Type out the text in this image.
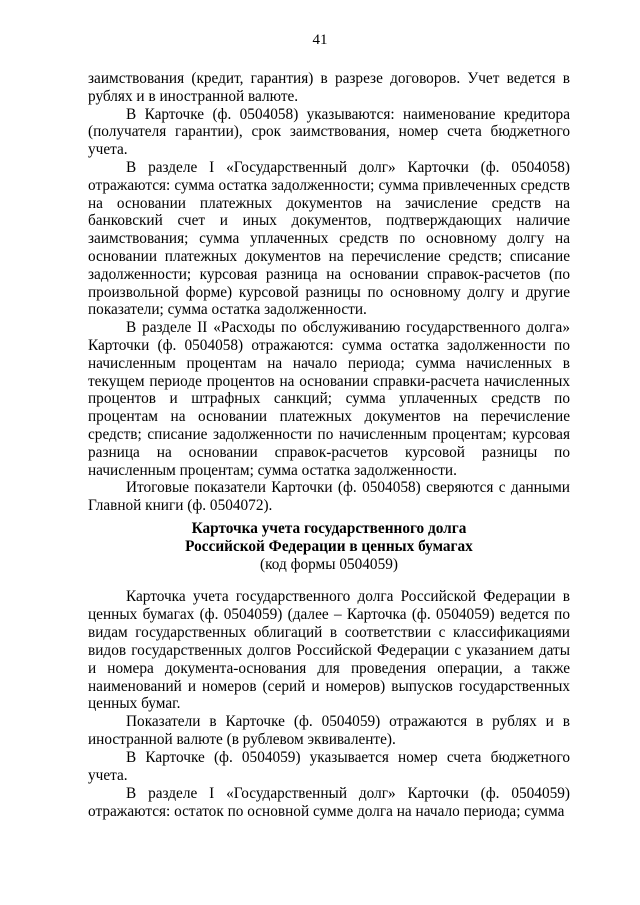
41

заимствования (кредит, гарантия) в разрезе договоров. Учет ведется в рублях и в иностранной валюте.

В Карточке (ф. 0504058) указываются: наименование кредитора (получателя гарантии), срок заимствования, номер счета бюджетного учета.

В разделе I «Государственный долг» Карточки (ф. 0504058) отражаются: сумма остатка задолженности; сумма привлеченных средств на основании платежных документов на зачисление средств на банковский счет и иных документов, подтверждающих наличие заимствования; сумма уплаченных средств по основному долгу на основании платежных документов на перечисление средств; списание задолженности; курсовая разница на основании справок-расчетов (по произвольной форме) курсовой разницы по основному долгу и другие показатели; сумма остатка задолженности.

В разделе II «Расходы по обслуживанию государственного долга» Карточки (ф. 0504058) отражаются: сумма остатка задолженности по начисленным процентам на начало периода; сумма начисленных в текущем периоде процентов на основании справки-расчета начисленных процентов и штрафных санкций; сумма уплаченных средств по процентам на основании платежных документов на перечисление средств; списание задолженности по начисленным процентам; курсовая разница на основании справок-расчетов курсовой разницы по начисленным процентам; сумма остатка задолженности.

Итоговые показатели Карточки (ф. 0504058) сверяются с данными Главной книги (ф. 0504072).

Карточка учета государственного долга
Российской Федерации в ценных бумагах
(код формы 0504059)

Карточка учета государственного долга Российской Федерации в ценных бумагах (ф. 0504059) (далее – Карточка (ф. 0504059) ведется по видам государственных облигаций в соответствии с классификациями видов государственных долгов Российской Федерации с указанием даты и номера документа-основания для проведения операции, а также наименований и номеров (серий и номеров) выпусков государственных ценных бумаг.

Показатели в Карточке (ф. 0504059) отражаются в рублях и в иностранной валюте (в рублевом эквиваленте).

В Карточке (ф. 0504059) указывается номер счета бюджетного учета.

В разделе I «Государственный долг» Карточки (ф. 0504059) отражаются: остаток по основной сумме долга на начало периода; сумма
